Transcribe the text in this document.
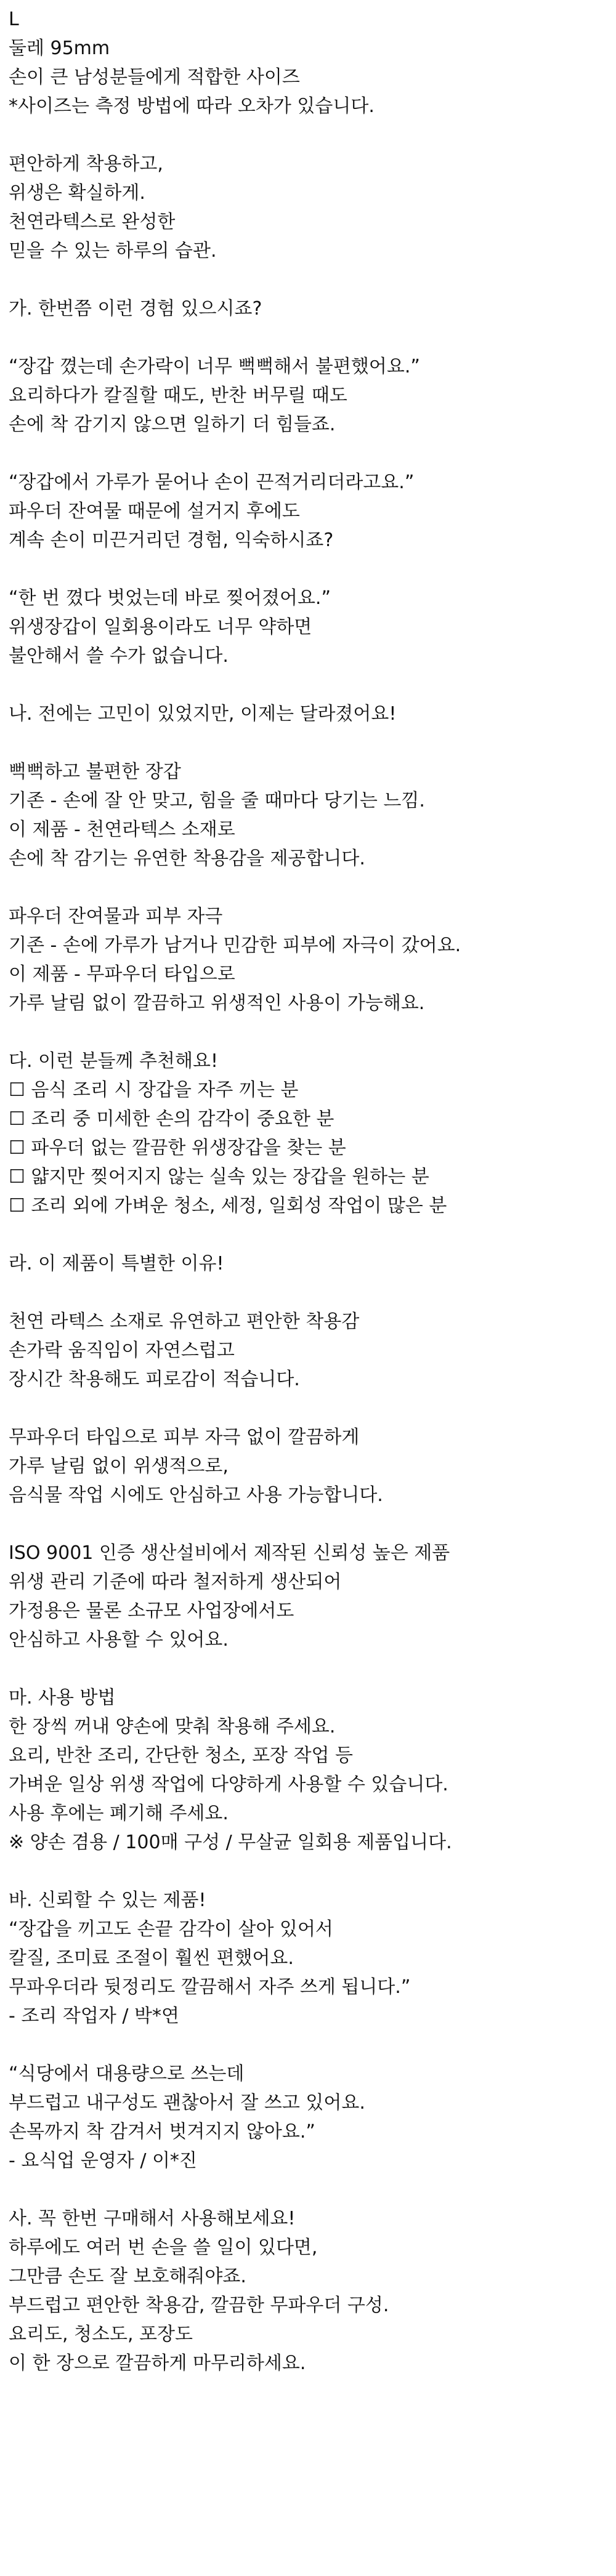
L
둘레 95mm
손이 큰 남성분들에게 적합한 사이즈
*사이즈는 측정 방법에 따라 오차가 있습니다.
편안하게 착용하고,
위생은 확실하게.
천연라텍스로 완성한
믿을 수 있는 하루의 습관.
가. 한번쯤 이런 경험 있으시죠?
“장갑 꼈는데 손가락이 너무 뻑뻑해서 불편했어요.”
요리하다가 칼질할 때도, 반찬 버무릴 때도
손에 착 감기지 않으면 일하기 더 힘들죠.
“장갑에서 가루가 묻어나 손이 끈적거리더라고요.”
파우더 잔여물 때문에 설거지 후에도
계속 손이 미끈거리던 경험, 익숙하시죠?
“한 번 꼈다 벗었는데 바로 찢어졌어요.”
위생장갑이 일회용이라도 너무 약하면
불안해서 쓸 수가 없습니다.
나. 전에는 고민이 있었지만, 이제는 달라졌어요!
뻑뻑하고 불편한 장갑
기존 - 손에 잘 안 맞고, 힘을 줄 때마다 당기는 느낌.
이 제품 - 천연라텍스 소재로
손에 착 감기는 유연한 착용감을 제공합니다.
파우더 잔여물과 피부 자극
기존 - 손에 가루가 남거나 민감한 피부에 자극이 갔어요.
이 제품 - 무파우더 타입으로
가루 날림 없이 깔끔하고 위생적인 사용이 가능해요.
다. 이런 분들께 추천해요!
☐ 음식 조리 시 장갑을 자주 끼는 분
☐ 조리 중 미세한 손의 감각이 중요한 분
☐ 파우더 없는 깔끔한 위생장갑을 찾는 분
☐ 얇지만 찢어지지 않는 실속 있는 장갑을 원하는 분
☐ 조리 외에 가벼운 청소, 세정, 일회성 작업이 많은 분
라. 이 제품이 특별한 이유!
천연 라텍스 소재로 유연하고 편안한 착용감
손가락 움직임이 자연스럽고
장시간 착용해도 피로감이 적습니다.
무파우더 타입으로 피부 자극 없이 깔끔하게
가루 날림 없이 위생적으로,
음식물 작업 시에도 안심하고 사용 가능합니다.
ISO 9001 인증 생산설비에서 제작된 신뢰성 높은 제품
위생 관리 기준에 따라 철저하게 생산되어
가정용은 물론 소규모 사업장에서도
안심하고 사용할 수 있어요.
마. 사용 방법
한 장씩 꺼내 양손에 맞춰 착용해 주세요.
요리, 반찬 조리, 간단한 청소, 포장 작업 등
가벼운 일상 위생 작업에 다양하게 사용할 수 있습니다.
사용 후에는 폐기해 주세요.
※ 양손 겸용 / 100매 구성 / 무살균 일회용 제품입니다.
바. 신뢰할 수 있는 제품!
“장갑을 끼고도 손끝 감각이 살아 있어서
칼질, 조미료 조절이 훨씬 편했어요.
무파우더라 뒷정리도 깔끔해서 자주 쓰게 됩니다.”
- 조리 작업자 / 박*연
“식당에서 대용량으로 쓰는데
부드럽고 내구성도 괜찮아서 잘 쓰고 있어요.
손목까지 착 감겨서 벗겨지지 않아요.”
- 요식업 운영자 / 이*진
사. 꼭 한번 구매해서 사용해보세요!
하루에도 여러 번 손을 쓸 일이 있다면,
그만큼 손도 잘 보호해줘야죠.
부드럽고 편안한 착용감, 깔끔한 무파우더 구성.
요리도, 청소도, 포장도
이 한 장으로 깔끔하게 마무리하세요.
